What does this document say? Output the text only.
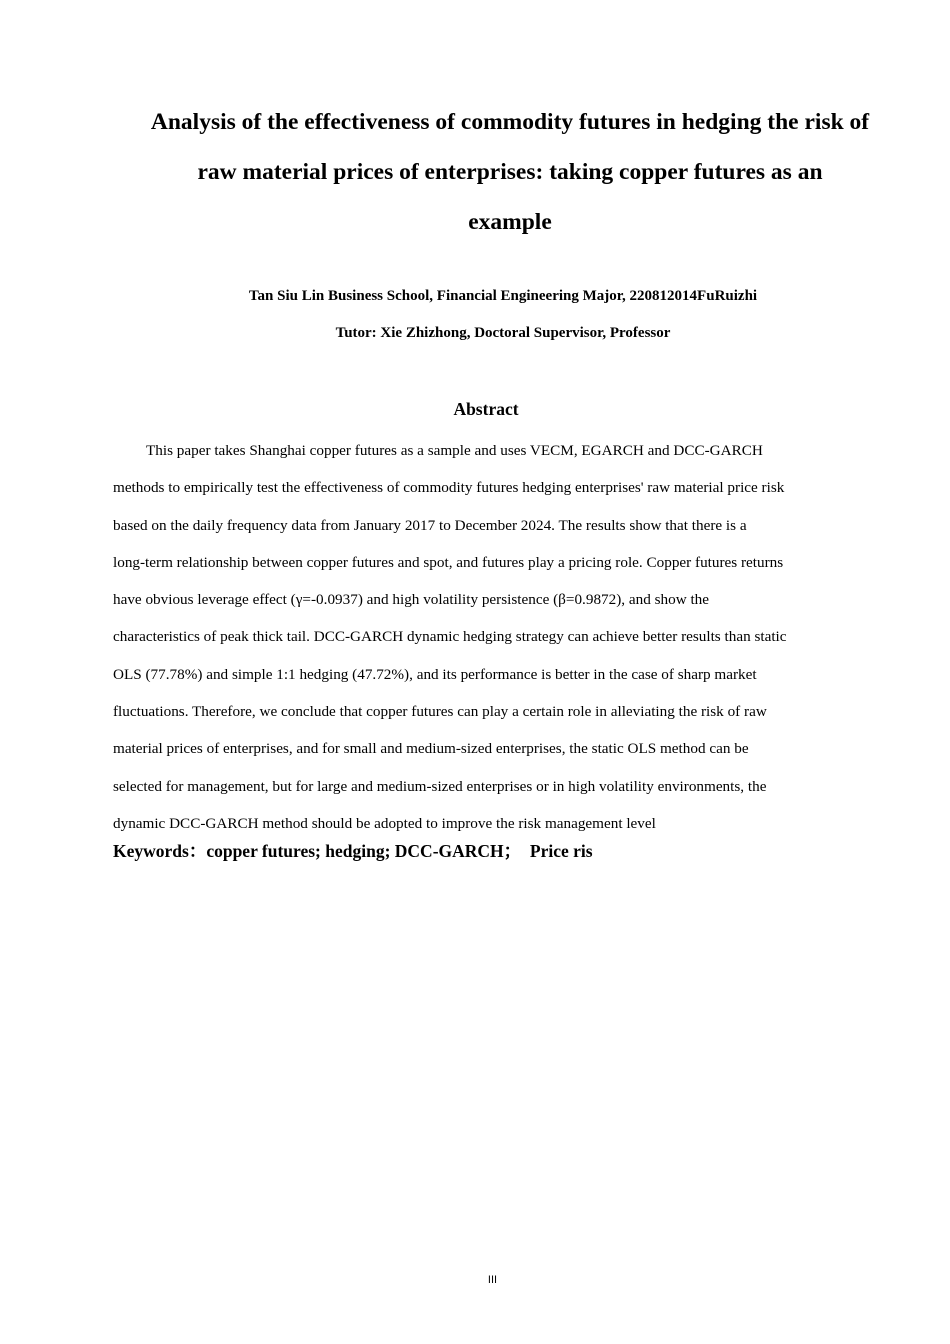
Analysis of the effectiveness of commodity futures in hedging the risk of
raw material prices of enterprises: taking copper futures as an
example
Tan Siu Lin Business School, Financial Engineering Major, 220812014FuRuizhi
Tutor: Xie Zhizhong, Doctoral Supervisor, Professor
Abstract
This paper takes Shanghai copper futures as a sample and uses VECM, EGARCH and DCC-GARCH
methods to empirically test the effectiveness of commodity futures hedging enterprises' raw material price risk
based on the daily frequency data from January 2017 to December 2024. The results show that there is a
long-term relationship between copper futures and spot, and futures play a pricing role. Copper futures returns
have obvious leverage effect (γ=-0.0937) and high volatility persistence (β=0.9872), and show the
characteristics of peak thick tail. DCC-GARCH dynamic hedging strategy can achieve better results than static
OLS (77.78%) and simple 1:1 hedging (47.72%), and its performance is better in the case of sharp market
fluctuations. Therefore, we conclude that copper futures can play a certain role in alleviating the risk of raw
material prices of enterprises, and for small and medium-sized enterprises, the static OLS method can be
selected for management, but for large and medium-sized enterprises or in high volatility environments, the
dynamic DCC-GARCH method should be adopted to improve the risk management level
Keywords：copper futures; hedging; DCC-GARCH；  Price ris
III
